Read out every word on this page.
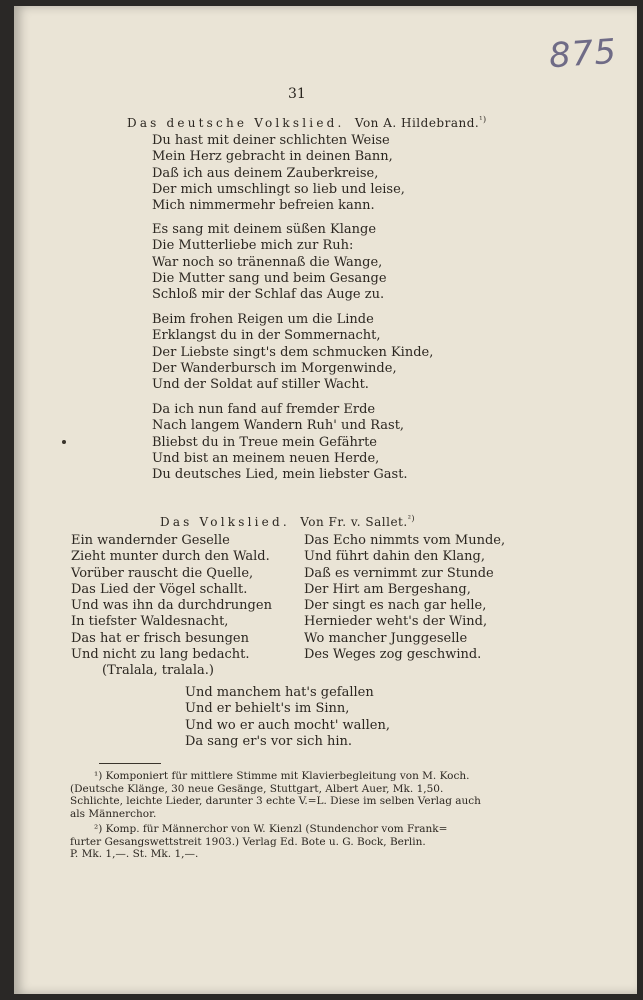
875
31
Das deutsche Volkslied. Von A. Hildebrand.$^{^1)}$
Du hast mit deiner schlichten Weise
Mein Herz gebracht in deinen Bann,
Daß ich aus deinem Zauberkreise,
Der mich umschlingt so lieb und leise,
Mich nimmermehr befreien kann.
Es sang mit deinem süßen Klange
Die Mutterliebe mich zur Ruh:
War noch so tränennaß die Wange,
Die Mutter sang und beim Gesange
Schloß mir der Schlaf das Auge zu.
Beim frohen Reigen um die Linde
Erklangst du in der Sommernacht,
Der Liebste singt's dem schmucken Kinde,
Der Wanderbursch im Morgenwinde,
Und der Soldat auf stiller Wacht.
Da ich nun fand auf fremder Erde
Nach langem Wandern Ruh' und Rast,
Bliebst du in Treue mein Gefährte
Und bist an meinem neuen Herde,
Du deutsches Lied, mein liebster Gast.
Das Volkslied. Von Fr. v. Sallet.$^{^2)}$
Ein wandernder Geselle
Zieht munter durch den Wald.
Vorüber rauscht die Quelle,
Das Lied der Vögel schallt.
Und was ihn da durchdrungen
In tiefster Waldesnacht,
Das hat er frisch besungen
Und nicht zu lang bedacht.
(Tralala, tralala.)
Das Echo nimmts vom Munde,
Und führt dahin den Klang,
Daß es vernimmt zur Stunde
Der Hirt am Bergeshang,
Der singt es nach gar helle,
Hernieder weht's der Wind,
Wo mancher Junggeselle
Des Weges zog geschwind.
Und manchem hat's gefallen
Und er behielt's im Sinn,
Und wo er auch mocht' wallen,
Da sang er's vor sich hin.
¹) Komponiert für mittlere Stimme mit Klavierbegleitung von M. Koch.
(Deutsche Klänge, 30 neue Gesänge, Stuttgart, Albert Auer, Mk. 1,50.
Schlichte, leichte Lieder, darunter 3 echte V.=L. Diese im selben Verlag auch
als Männerchor.
²) Komp. für Männerchor von W. Kienzl (Stundenchor vom Frank=
furter Gesangswettstreit 1903.) Verlag Ed. Bote u. G. Bock, Berlin.
P. Mk. 1,—. St. Mk. 1,—.
